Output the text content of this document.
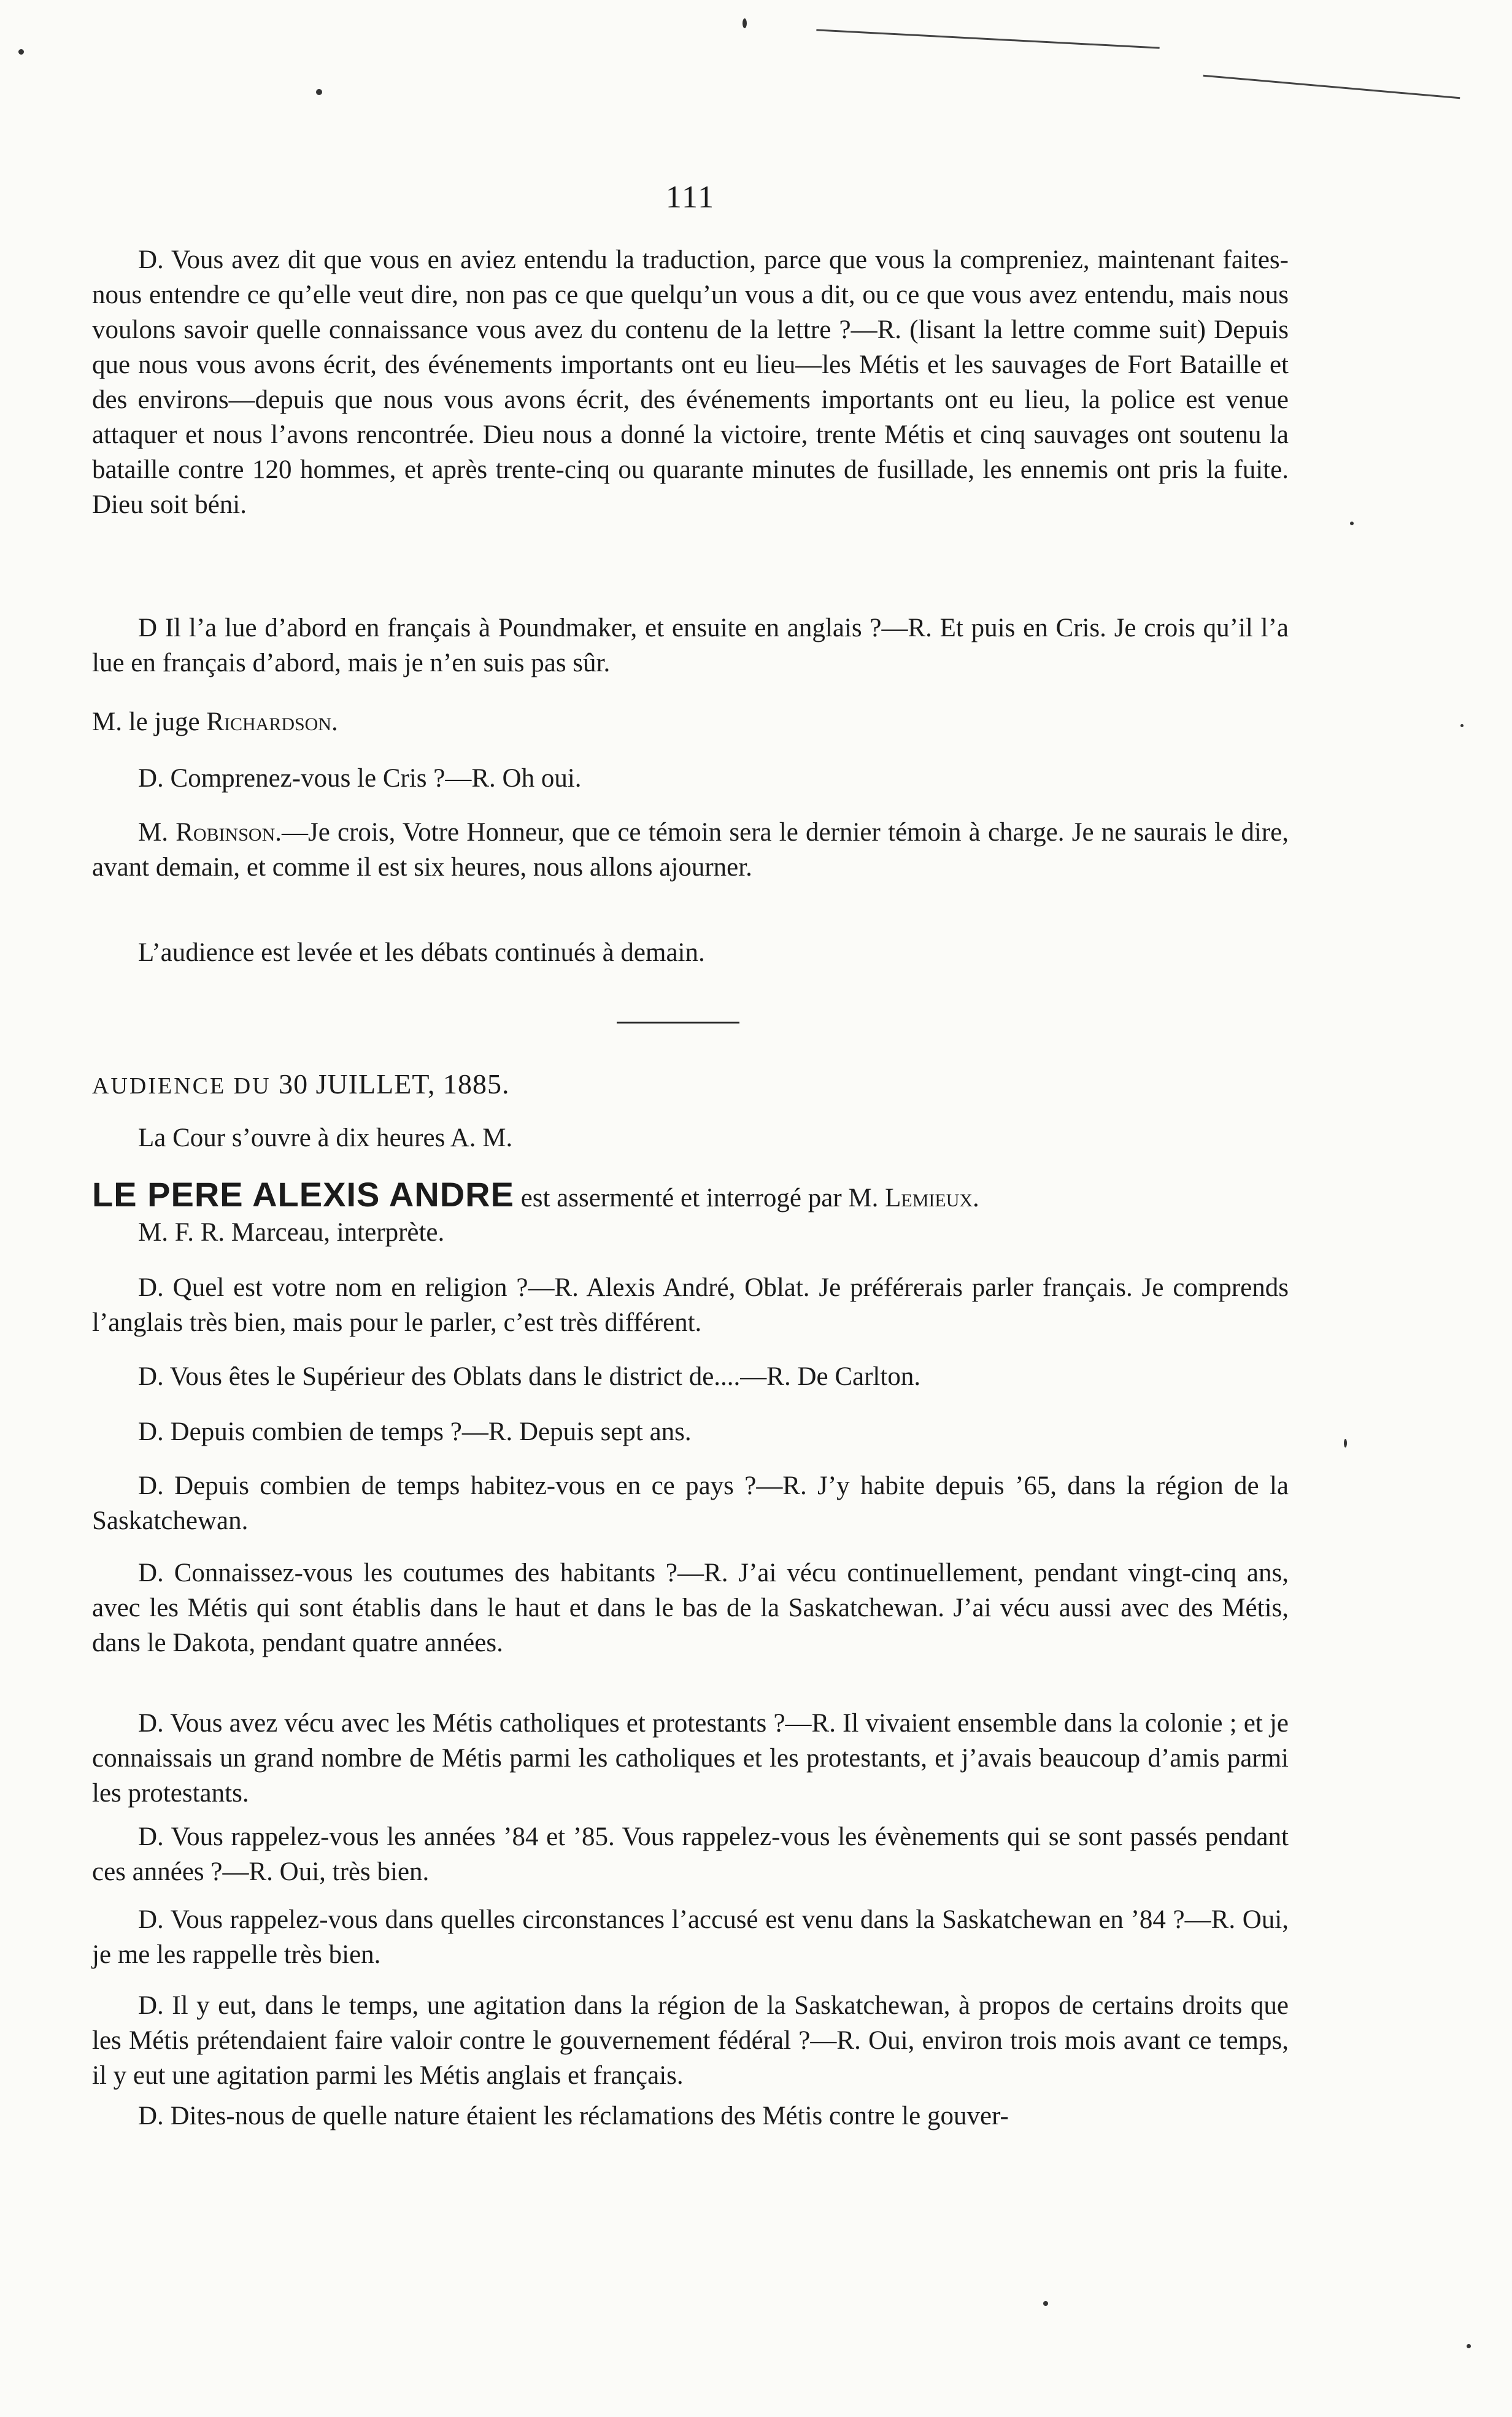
111

D. Vous avez dit que vous en aviez entendu la traduction, parce que vous la compreniez, maintenant faites-nous entendre ce qu’elle veut dire, non pas ce que quelqu’un vous a dit, ou ce que vous avez entendu, mais nous voulons savoir quelle connaissance vous avez du contenu de la lettre ?—R. (lisant la lettre comme suit) Depuis que nous vous avons écrit, des événements importants ont eu lieu—les Métis et les sauvages de Fort Bataille et des environs—depuis que nous vous avons écrit, des événements importants ont eu lieu, la police est venue attaquer et nous l’avons rencontrée. Dieu nous a donné la victoire, trente Métis et cinq sauvages ont soutenu la bataille contre 120 hommes, et après trente-cinq ou quarante minutes de fusillade, les ennemis ont pris la fuite. Dieu soit béni.

D Il l’a lue d’abord en français à Poundmaker, et ensuite en anglais ?—R. Et puis en Cris. Je crois qu’il l’a lue en français d’abord, mais je n’en suis pas sûr.

M. le juge Richardson.

D. Comprenez-vous le Cris ?—R. Oh oui.

M. Robinson.—Je crois, Votre Honneur, que ce témoin sera le dernier témoin à charge. Je ne saurais le dire, avant demain, et comme il est six heures, nous allons ajourner.

L’audience est levée et les débats continués à demain.

AUDIENCE DU 30 JUILLET, 1885.

La Cour s’ouvre à dix heures A. M.

LE PERE ALEXIS ANDRE est assermenté et interrogé par M. Lemieux.

M. F. R. Marceau, interprète.

D. Quel est votre nom en religion ?—R. Alexis André, Oblat. Je préférerais parler français. Je comprends l’anglais très bien, mais pour le parler, c’est très différent.

D. Vous êtes le Supérieur des Oblats dans le district de....—R. De Carlton.

D. Depuis combien de temps ?—R. Depuis sept ans.

D. Depuis combien de temps habitez-vous en ce pays ?—R. J’y habite depuis ’65, dans la région de la Saskatchewan.

D. Connaissez-vous les coutumes des habitants ?—R. J’ai vécu continuellement, pendant vingt-cinq ans, avec les Métis qui sont établis dans le haut et dans le bas de la Saskatchewan. J’ai vécu aussi avec des Métis, dans le Dakota, pendant quatre années.

D. Vous avez vécu avec les Métis catholiques et protestants ?—R. Il vivaient ensemble dans la colonie ; et je connaissais un grand nombre de Métis parmi les catholiques et les protestants, et j’avais beaucoup d’amis parmi les protestants.

D. Vous rappelez-vous les années ’84 et ’85. Vous rappelez-vous les évènements qui se sont passés pendant ces années ?—R. Oui, très bien.

D. Vous rappelez-vous dans quelles circonstances l’accusé est venu dans la Saskatchewan en ’84 ?—R. Oui, je me les rappelle très bien.

D. Il y eut, dans le temps, une agitation dans la région de la Saskatchewan, à propos de certains droits que les Métis prétendaient faire valoir contre le gouvernement fédéral ?—R. Oui, environ trois mois avant ce temps, il y eut une agitation parmi les Métis anglais et français.

D. Dites-nous de quelle nature étaient les réclamations des Métis contre le gouver-
